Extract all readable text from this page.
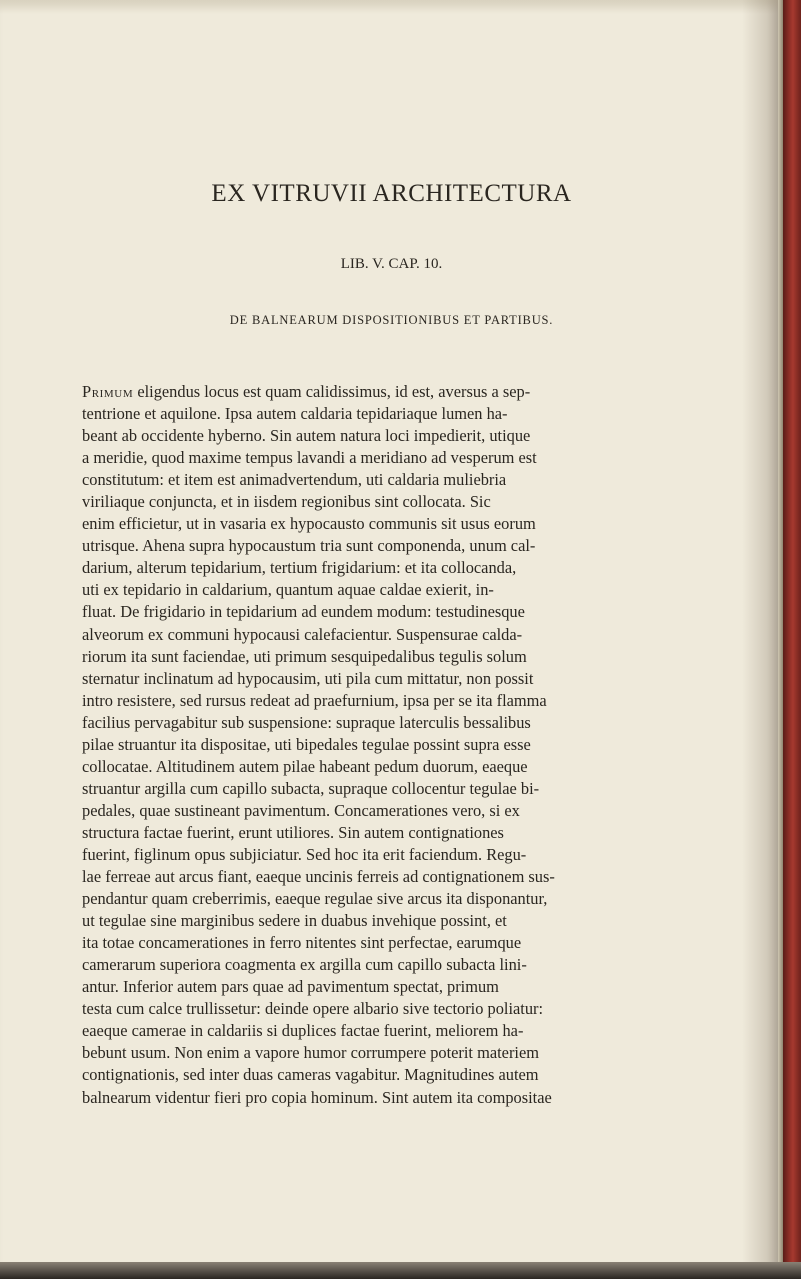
EX VITRUVII ARCHITECTURA
LIB. V. CAP. 10.
DE BALNEARUM DISPOSITIONIBUS ET PARTIBUS.
Primum eligendus locus est quam calidissimus, id est, aversus a sep-
tentrione et aquilone. Ipsa autem caldaria tepidariaque lumen ha-
beant ab occidente hyberno. Sin autem natura loci impedierit, utique
a meridie, quod maxime tempus lavandi a meridiano ad vesperum est
constitutum: et item est animadvertendum, uti caldaria muliebria
viriliaque conjuncta, et in iisdem regionibus sint collocata. Sic
enim efficietur, ut in vasaria ex hypocausto communis sit usus eorum
utrisque. Ahena supra hypocaustum tria sunt componenda, unum cal-
darium, alterum tepidarium, tertium frigidarium: et ita collocanda,
uti ex tepidario in caldarium, quantum aquae caldae exierit, in-
fluat. De frigidario in tepidarium ad eundem modum: testudinesque
alveorum ex communi hypocausi calefacientur. Suspensurae calda-
riorum ita sunt faciendae, uti primum sesquipedalibus tegulis solum
sternatur inclinatum ad hypocausim, uti pila cum mittatur, non possit
intro resistere, sed rursus redeat ad praefurnium, ipsa per se ita flamma
facilius pervagabitur sub suspensione: supraque laterculis bessalibus
pilae struantur ita dispositae, uti bipedales tegulae possint supra esse
collocatae. Altitudinem autem pilae habeant pedum duorum, eaeque
struantur argilla cum capillo subacta, supraque collocentur tegulae bi-
pedales, quae sustineant pavimentum. Concamerationes vero, si ex
structura factae fuerint, erunt utiliores. Sin autem contignationes
fuerint, figlinum opus subjiciatur. Sed hoc ita erit faciendum. Regu-
lae ferreae aut arcus fiant, eaeque uncinis ferreis ad contignationem sus-
pendantur quam creberrimis, eaeque regulae sive arcus ita disponantur,
ut tegulae sine marginibus sedere in duabus invehique possint, et
ita totae concamerationes in ferro nitentes sint perfectae, earumque
camerarum superiora coagmenta ex argilla cum capillo subacta lini-
antur. Inferior autem pars quae ad pavimentum spectat, primum
testa cum calce trullissetur: deinde opere albario sive tectorio poliatur:
eaeque camerae in caldariis si duplices factae fuerint, meliorem ha-
bebunt usum. Non enim a vapore humor corrumpere poterit materiem
contignationis, sed inter duas cameras vagabitur. Magnitudines autem
balnearum videntur fieri pro copia hominum. Sint autem ita compositae
